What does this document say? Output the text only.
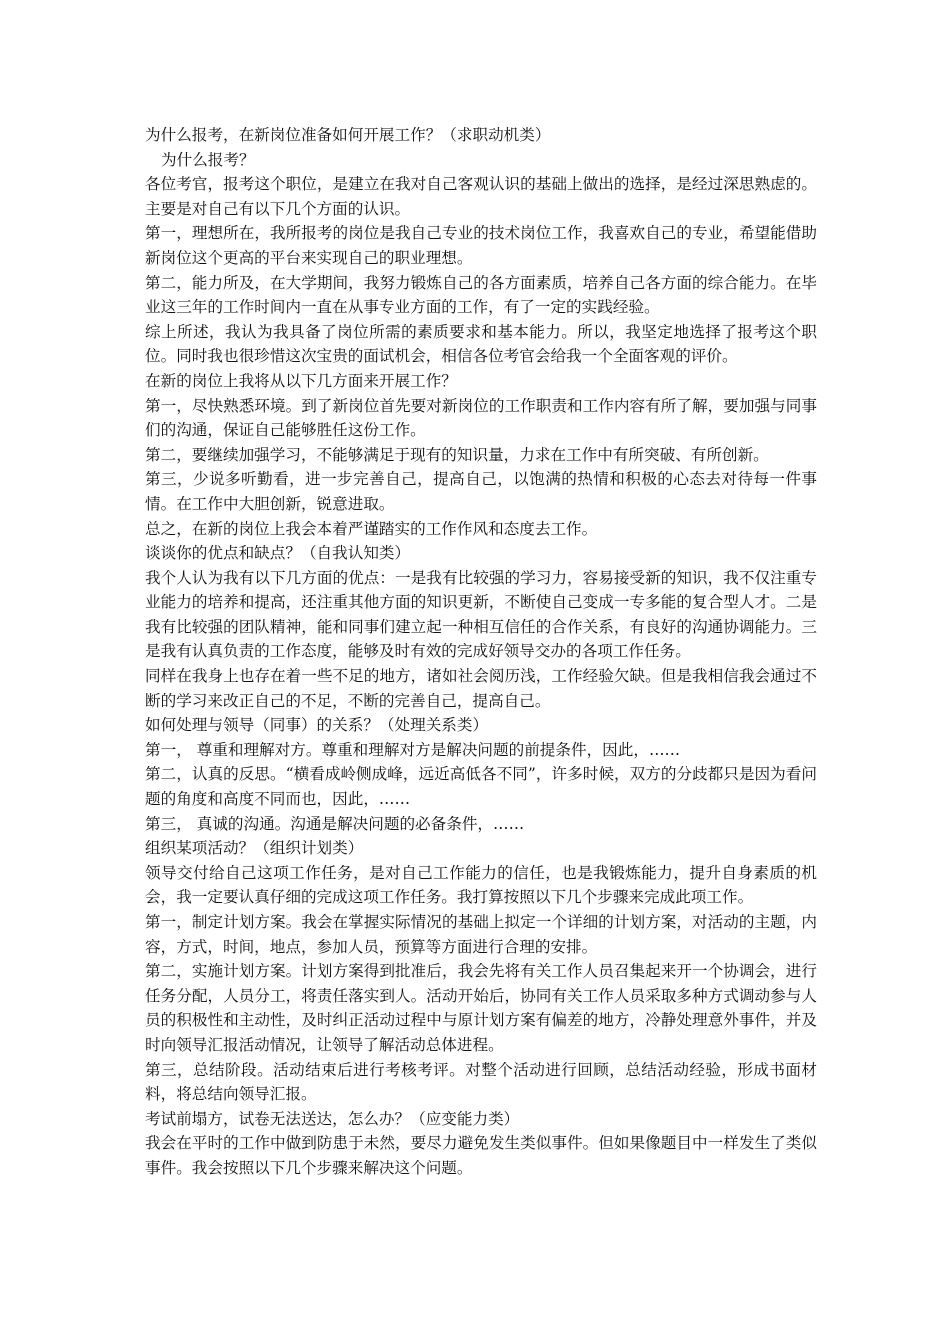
为什么报考，在新岗位准备如何开展工作？（求职动机类）

为什么报考？

各位考官，报考这个职位，是建立在我对自己客观认识的基础上做出的选择，是经过深思熟虑的。主要是对自己有以下几个方面的认识。

第一，理想所在，我所报考的岗位是我自己专业的技术岗位工作，我喜欢自己的专业，希望能借助新岗位这个更高的平台来实现自己的职业理想。

第二，能力所及，在大学期间，我努力锻炼自己的各方面素质，培养自己各方面的综合能力。在毕业这三年的工作时间内一直在从事专业方面的工作，有了一定的实践经验。

综上所述，我认为我具备了岗位所需的素质要求和基本能力。所以，我坚定地选择了报考这个职位。同时我也很珍惜这次宝贵的面试机会，相信各位考官会给我一个全面客观的评价。

在新的岗位上我将从以下几方面来开展工作？

第一，尽快熟悉环境。到了新岗位首先要对新岗位的工作职责和工作内容有所了解，要加强与同事们的沟通，保证自己能够胜任这份工作。

第二，要继续加强学习，不能够满足于现有的知识量，力求在工作中有所突破、有所创新。

第三，少说多听勤看，进一步完善自己，提高自己，以饱满的热情和积极的心态去对待每一件事情。在工作中大胆创新，锐意进取。

总之，在新的岗位上我会本着严谨踏实的工作作风和态度去工作。

谈谈你的优点和缺点？（自我认知类）

我个人认为我有以下几方面的优点：一是我有比较强的学习力，容易接受新的知识，我不仅注重专业能力的培养和提高，还注重其他方面的知识更新，不断使自己变成一专多能的复合型人才。二是我有比较强的团队精神，能和同事们建立起一种相互信任的合作关系，有良好的沟通协调能力。三是我有认真负责的工作态度，能够及时有效的完成好领导交办的各项工作任务。

同样在我身上也存在着一些不足的地方，诸如社会阅历浅，工作经验欠缺。但是我相信我会通过不断的学习来改正自己的不足，不断的完善自己，提高自己。

如何处理与领导（同事）的关系？（处理关系类）

第一， 尊重和理解对方。尊重和理解对方是解决问题的前提条件，因此，……

第二，认真的反思。“横看成岭侧成峰，远近高低各不同”，许多时候，双方的分歧都只是因为看问题的角度和高度不同而也，因此，……

第三， 真诚的沟通。沟通是解决问题的必备条件，……

组织某项活动？（组织计划类）

领导交付给自己这项工作任务，是对自己工作能力的信任，也是我锻炼能力，提升自身素质的机会，我一定要认真仔细的完成这项工作任务。我打算按照以下几个步骤来完成此项工作。

第一，制定计划方案。我会在掌握实际情况的基础上拟定一个详细的计划方案，对活动的主题，内容，方式，时间，地点，参加人员，预算等方面进行合理的安排。

第二，实施计划方案。计划方案得到批准后，我会先将有关工作人员召集起来开一个协调会，进行任务分配，人员分工，将责任落实到人。活动开始后，协同有关工作人员采取多种方式调动参与人员的积极性和主动性，及时纠正活动过程中与原计划方案有偏差的地方，冷静处理意外事件，并及时向领导汇报活动情况，让领导了解活动总体进程。

第三，总结阶段。活动结束后进行考核考评。对整个活动进行回顾，总结活动经验，形成书面材料，将总结向领导汇报。

考试前塌方，试卷无法送达，怎么办？（应变能力类）

我会在平时的工作中做到防患于未然，要尽力避免发生类似事件。但如果像题目中一样发生了类似事件。我会按照以下几个步骤来解决这个问题。
